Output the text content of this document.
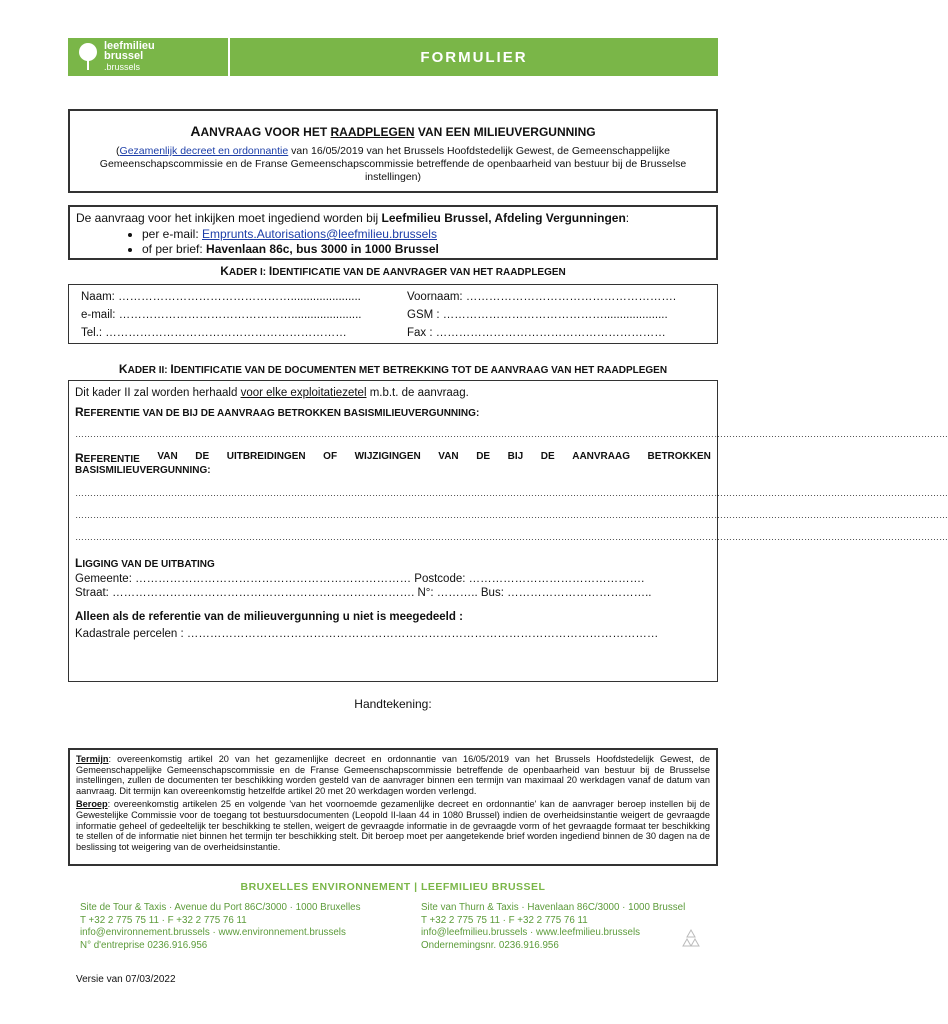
leefmilieu
brussel
.brussels
FORMULIER
AANVRAAG VOOR HET RAADPLEGEN VAN EEN MILIEUVERGUNNING
(Gezamenlijk decreet en ordonnantie van 16/05/2019 van het Brussels Hoofdstedelijk Gewest, de Gemeenschappelijke Gemeenschapscommissie en de Franse Gemeenschapscommissie betreffende de openbaarheid van bestuur bij de Brusselse instellingen)
De aanvraag voor het inkijken moet ingediend worden bij Leefmilieu Brussel, Afdeling Vergunningen:
• per e-mail: Emprunts.Autorisations@leefmilieu.brussels
• of per brief: Havenlaan 86c, bus 3000 in 1000 Brussel
KADER I: IDENTIFICATIE VAN DE AANVRAGER VAN HET RAADPLEGEN
Naam: ………………………………………......................	Voornaam: ……………………………………………….
e-mail: ………………………………………......................	GSM : ……………………………………....................
Tel.: ………………………………………………………	Fax : ……………………………………………………
KADER II: IDENTIFICATIE VAN DE DOCUMENTEN MET BETREKKING TOT DE AANVRAAG VAN HET RAADPLEGEN
Dit kader II zal worden herhaald voor elke exploitatiezetel m.b.t. de aanvraag.
REFERENTIE VAN DE BIJ DE AANVRAAG BETROKKEN BASISMILIEUVERGUNNING:
…………………………………………………………………………………………………………………………………………………………………………………………………………………………………………………………………
REFERENTIE VAN DE UITBREIDINGEN OF WIJZIGINGEN VAN DE BIJ DE AANVRAAG BETROKKEN
BASISMILIEUVERGUNNING:
…………………………………………………………………………………………………………………………………………………………………………………………………………………………………………………………………
…………………………………………………………………………………………………………………………………………………………………………………………………………………………………………………………………
…………………………………………………………………………………………………………………………………………………………………………………………………………………………………………………………………
LIGGING VAN DE UITBATING
Gemeente: ……………………………………………………………… Postcode: ……………………………………….
Straat: ……………………………………………………………………. N°: ……….. Bus: ………………………………..
Alleen als de referentie van de milieuvergunning u niet is meegedeeld :
Kadastrale percelen : ……………………………………………………………………………………………………………
Handtekening:

Termijn: overeenkomstig artikel 20 van het gezamenlijke decreet en ordonnantie van 16/05/2019 van het Brussels Hoofdstedelijk Gewest, de Gemeenschappelijke Gemeenschapscommissie en de Franse Gemeenschapscommissie betreffende de openbaarheid van bestuur bij de Brusselse instellingen, zullen de documenten ter beschikking worden gesteld van de aanvrager binnen een termijn van maximaal 20 werkdagen vanaf de datum van aanvraag. Dit termijn kan overeenkomstig hetzelfde artikel 20 met 20 werkdagen worden verlengd.

Beroep: overeenkomstig artikelen 25 en volgende 'van het voornoemde gezamenlijke decreet en ordonnantie' kan de aanvrager beroep instellen bij de Gewestelijke Commissie voor de toegang tot bestuursdocumenten (Leopold II-laan 44 in 1080 Brussel) indien de overheidsinstantie weigert de gevraagde informatie geheel of gedeeltelijk ter beschikking te stellen, weigert de gevraagde informatie in de gevraagde vorm of het gevraagde formaat ter beschikking te stellen of de informatie niet binnen het termijn ter beschikking stelt. Dit beroep moet per aangetekende brief worden ingediend binnen de 30 dagen na de beslissing tot weigering van de overheidsinstantie.

BRUXELLES ENVIRONNEMENT | LEEFMILIEU BRUSSEL
Site de Tour & Taxis · Avenue du Port 86C/3000 · 1000 Bruxelles
T +32 2 775 75 11 · F +32 2 775 76 11
info@environnement.brussels · www.environnement.brussels
N° d'entreprise 0236.916.956
Site van Thurn & Taxis · Havenlaan 86C/3000 · 1000 Brussel
T +32 2 775 75 11 · F +32 2 775 76 11
info@leefmilieu.brussels · www.leefmilieu.brussels
Ondernemingsnr. 0236.916.956
Versie van 07/03/2022
